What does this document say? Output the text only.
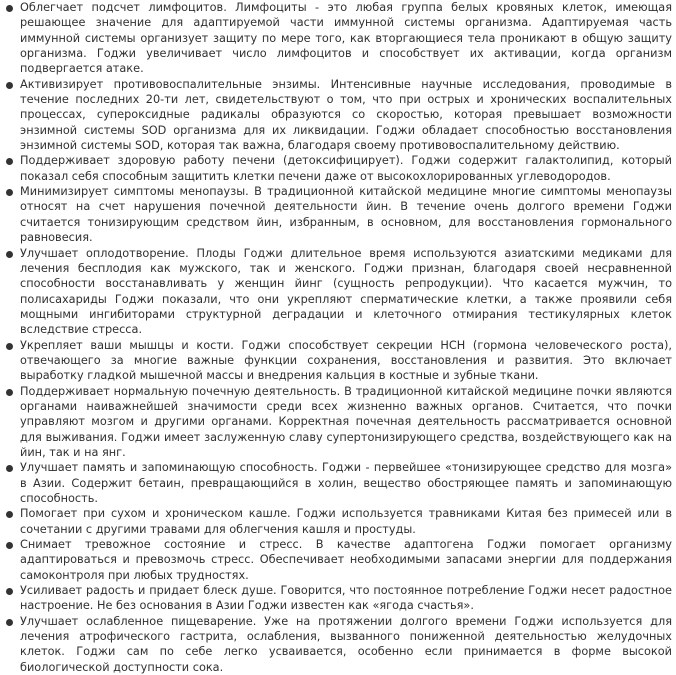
Облегчает подсчет лимфоцитов. Лимфоциты - это любая группа белых кровяных клеток, имеющая решающее значение для адаптируемой части иммунной системы организма. Адаптируемая часть иммунной системы организует защиту по мере того, как вторгающиеся тела проникают в общую защиту организма. Годжи увеличивает число лимфоцитов и способствует их активации, когда организм подвергается атаке.
Активизирует противовоспалительные энзимы. Интенсивные научные исследования, проводимые в течение последних 20-ти лет, свидетельствуют о том, что при острых и хронических воспалительных процессах, супероксидные радикалы образуются со скоростью, которая превышает возможности энзимной системы SOD организма для их ликвидации. Годжи обладает способностью восстановления энзимной системы SOD, которая так важна, благодаря своему противовоспалительному действию.
Поддерживает здоровую работу печени (детоксифицирует). Годжи содержит галактолипид, который показал себя способным защитить клетки печени даже от высокохлорированных углеводородов.
Минимизирует симптомы менопаузы. В традиционной китайской медицине многие симптомы менопаузы относят на счет нарушения почечной деятельности йин. В течение очень долгого времени Годжи считается тонизирующим средством йин, избранным, в основном, для восстановления гормонального равновесия.
Улучшает оплодотворение. Плоды Годжи длительное время используются азиатскими медиками для лечения бесплодия как мужского, так и женского. Годжи признан, благодаря своей несравненной способности восстанавливать у женщин йинг (сущность репродукции). Что касается мужчин, то полисахариды Годжи показали, что они укрепляют сперматические клетки, а также проявили себя мощными ингибиторами структурной деградации и клеточного отмирания тестикулярных клеток вследствие стресса.
Укрепляет ваши мышцы и кости. Годжи способствует секреции HCH (гормона человеческого роста), отвечающего за многие важные функции сохранения, восстановления и развития. Это включает выработку гладкой мышечной массы и внедрения кальция в костные и зубные ткани.
Поддерживает нормальную почечную деятельность. В традиционной китайской медицине почки являются органами наиважнейшей значимости среди всех жизненно важных органов. Считается, что почки управляют мозгом и другими органами. Корректная почечная деятельность рассматривается основной для выживания. Годжи имеет заслуженную славу супертонизирующего средства, воздействующего как на йин, так и на янг.
Улучшает память и запоминающую способность. Годжи - первейшее «тонизирующее средство для мозга» в Азии. Содержит бетаин, превращающийся в холин, вещество обостряющее память и запоминающую способность.
Помогает при сухом и хроническом кашле. Годжи используется травниками Китая без примесей или в сочетании с другими травами для облегчения кашля и простуды.
Снимает тревожное состояние и стресс. В качестве адаптогена Годжи помогает организму адаптироваться и превозмочь стресс. Обеспечивает необходимыми запасами энергии для поддержания самоконтроля при любых трудностях.
Усиливает радость и придает блеск душе. Говорится, что постоянное потребление Годжи несет радостное настроение. Не без основания в Азии Годжи известен как «ягода счастья».
Улучшает ослабленное пищеварение. Уже на протяжении долгого времени Годжи используется для лечения атрофического гастрита, ослабления, вызванного пониженной деятельностью желудочных клеток. Годжи сам по себе легко усваивается, особенно если принимается в форме высокой биологической доступности сока.
